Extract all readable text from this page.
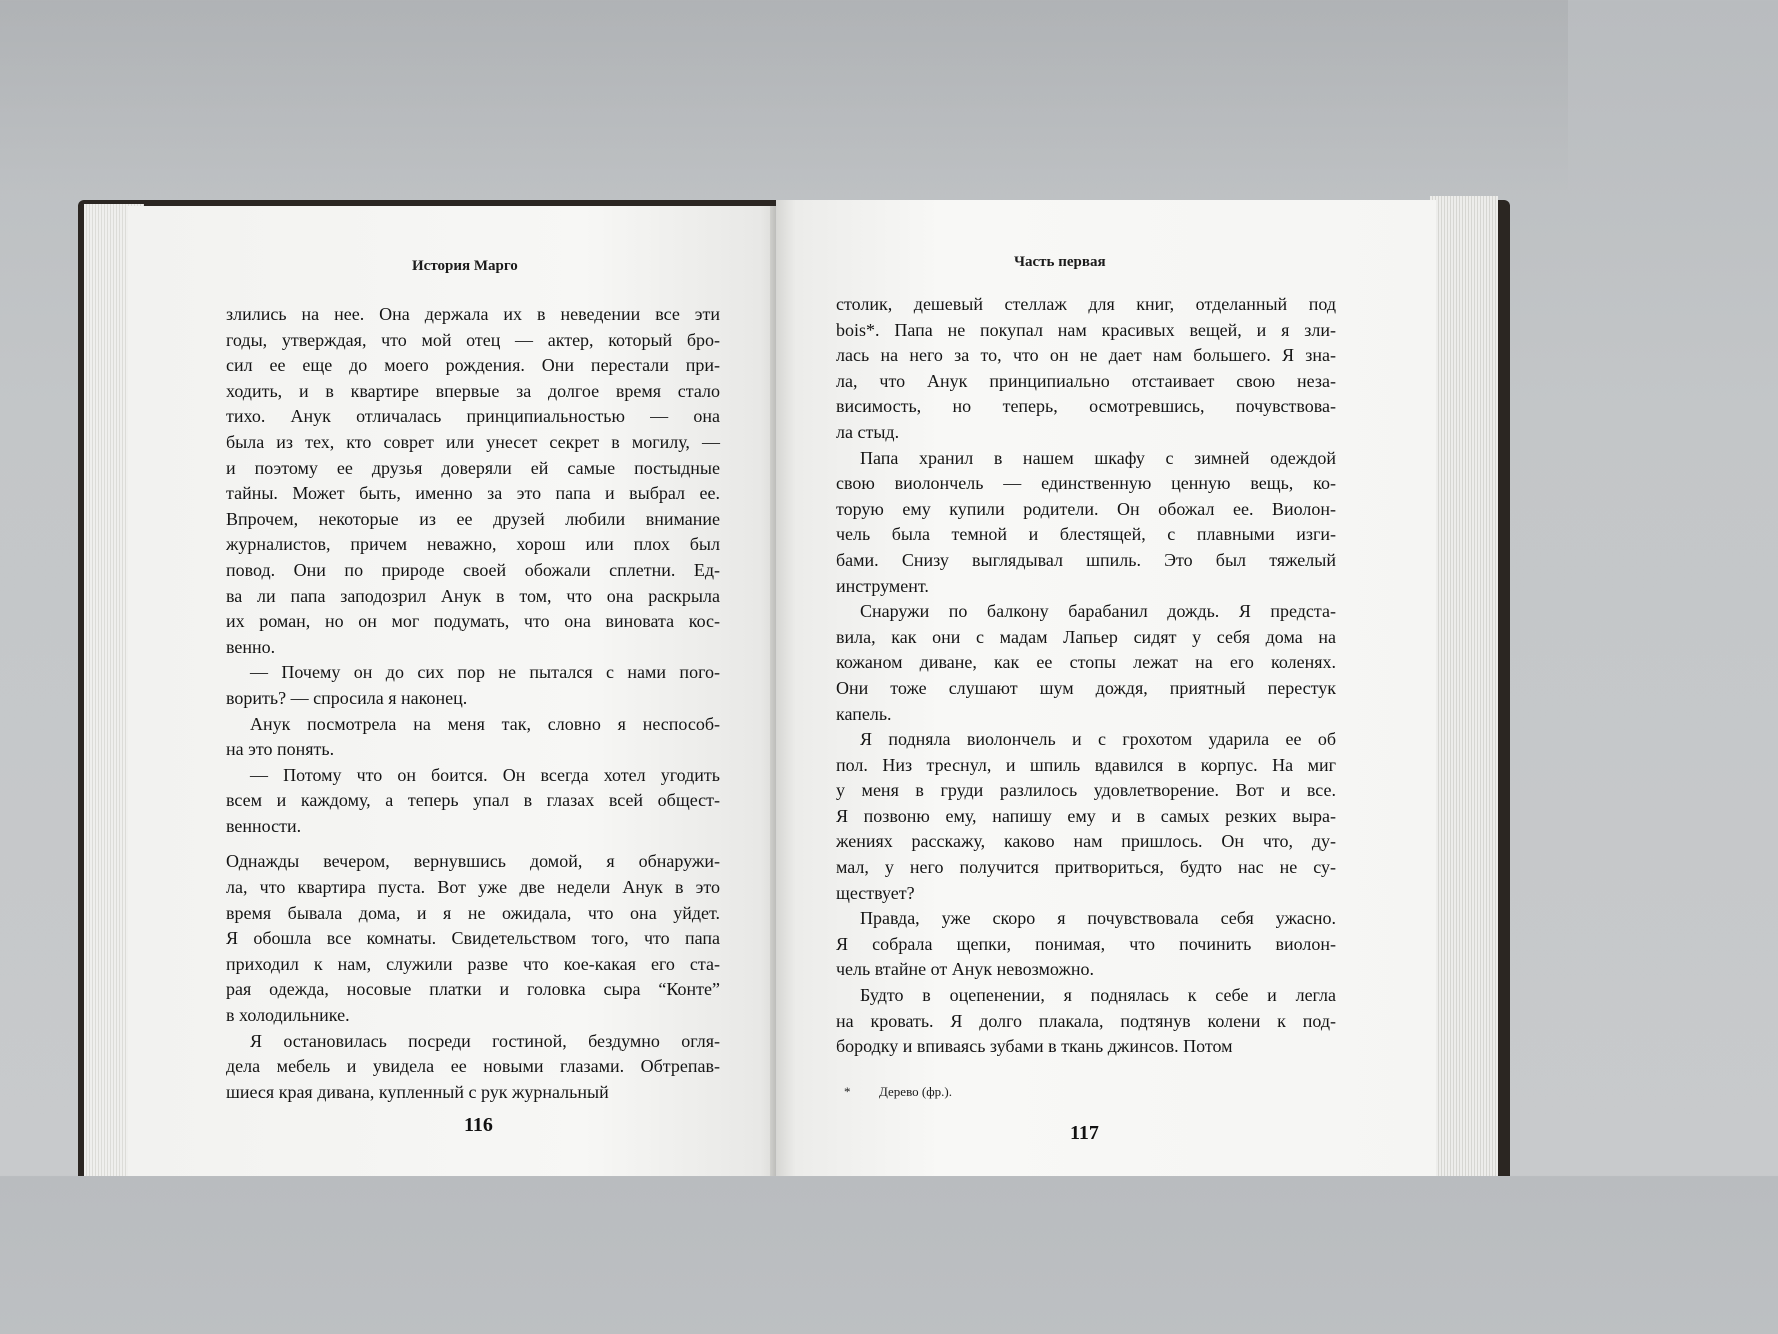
История Марго
злились на нее. Она держала их в неведении все эти
годы, утверждая, что мой отец — актер, который бро-
сил ее еще до моего рождения. Они перестали при-
ходить, и в квартире впервые за долгое время стало
тихо. Анук отличалась принципиальностью — она
была из тех, кто соврет или унесет секрет в могилу, —
и поэтому ее друзья доверяли ей самые постыдные
тайны. Может быть, именно за это папа и выбрал ее.
Впрочем, некоторые из ее друзей любили внимание
журналистов, причем неважно, хорош или плох был
повод. Они по природе своей обожали сплетни. Ед-
ва ли папа заподозрил Анук в том, что она раскрыла
их роман, но он мог подумать, что она виновата кос-
венно.
— Почему он до сих пор не пытался с нами пого-
ворить? — спросила я наконец.
Анук посмотрела на меня так, словно я неспособ-
на это понять.
— Потому что он боится. Он всегда хотел угодить
всем и каждому, а теперь упал в глазах всей общест-
венности.
Однажды вечером, вернувшись домой, я обнаружи-
ла, что квартира пуста. Вот уже две недели Анук в это
время бывала дома, и я не ожидала, что она уйдет.
Я обошла все комнаты. Свидетельством того, что папа
приходил к нам, служили разве что кое-какая его ста-
рая одежда, носовые платки и головка сыра “Конте”
в холодильнике.
Я остановилась посреди гостиной, бездумно огля-
дела мебель и увидела ее новыми глазами. Обтрепав-
шиеся края дивана, купленный с рук журнальный
116
Часть первая
столик, дешевый стеллаж для книг, отделанный под
bois*. Папа не покупал нам красивых вещей, и я зли-
лась на него за то, что он не дает нам большего. Я зна-
ла, что Анук принципиально отстаивает свою неза-
висимость, но теперь, осмотревшись, почувствова-
ла стыд.
Папа хранил в нашем шкафу с зимней одеждой
свою виолончель — единственную ценную вещь, ко-
торую ему купили родители. Он обожал ее. Виолон-
чель была темной и блестящей, с плавными изги-
бами. Снизу выглядывал шпиль. Это был тяжелый
инструмент.
Снаружи по балкону барабанил дождь. Я предста-
вила, как они с мадам Лапьер сидят у себя дома на
кожаном диване, как ее стопы лежат на его коленях.
Они тоже слушают шум дождя, приятный перестук
капель.
Я подняла виолончель и с грохотом ударила ее об
пол. Низ треснул, и шпиль вдавился в корпус. На миг
у меня в груди разлилось удовлетворение. Вот и все.
Я позвоню ему, напишу ему и в самых резких выра-
жениях расскажу, каково нам пришлось. Он что, ду-
мал, у него получится притвориться, будто нас не су-
ществует?
Правда, уже скоро я почувствовала себя ужасно.
Я собрала щепки, понимая, что починить виолон-
чель втайне от Анук невозможно.
Будто в оцепенении, я поднялась к себе и легла
на кровать. Я долго плакала, подтянув колени к под-
бородку и впиваясь зубами в ткань джинсов. Потом
* Дерево (фр.).
117
